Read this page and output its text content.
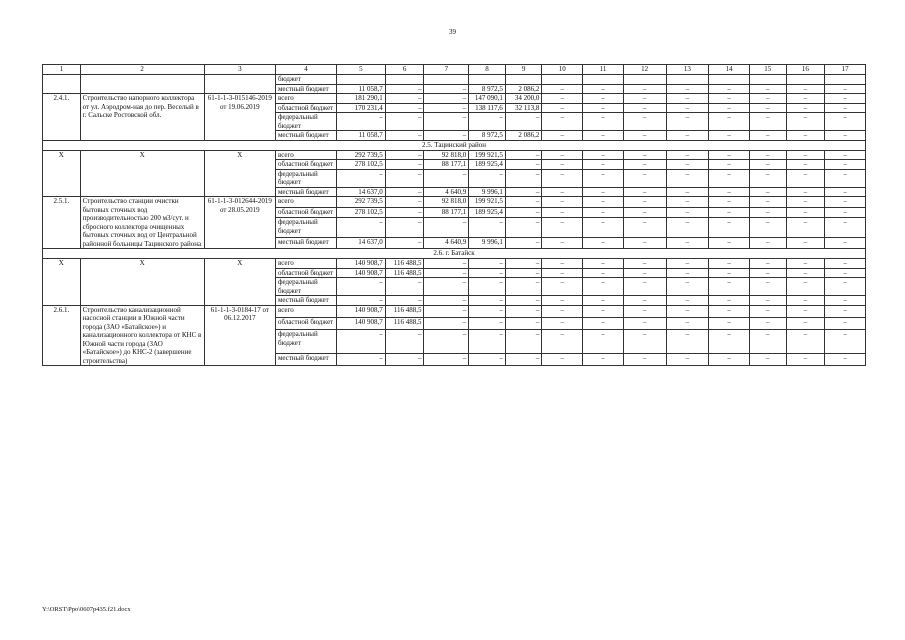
39
1	2	3	4	5	6	7	8	9	10	11	12	13	14	15	16	17
			бюджет													
			местный бюджет	11 058,7	–	–	8 972,5	2 086,2	–	–	–	–	–	–	–	–
2.4.1.	Строительство напорного коллектора от ул. Аэродром-ная до пер. Веселый в г. Сальске Ростовской обл.	61-1-1-3-015146-2019 от 19.06.2019	всего	181 290,1	–	–	147 090,1	34 200,0	–	–	–	–	–	–	–	–
			областной бюджет	170 231,4	–	–	138 117,6	32 113,8	–	–	–	–	–	–	–	–
			федеральный бюджет	–	–	–	–	–	–	–	–	–	–	–	–	–
			местный бюджет	11 058,7	–	–	8 972,5	2 086,2	–	–	–	–	–	–	–	–
2.5. Тацинский район																
Х	Х	Х	всего	292 739,5	–	92 818,0	199 921,5	–	–	–	–	–	–	–	–	–
			областной бюджет	278 102,5	–	88 177,1	189 925,4	–	–	–	–	–	–	–	–	–
			федеральный бюджет	–	–	–	–	–	–	–	–	–	–	–	–	–
			местный бюджет	14 637,0	–	4 640,9	9 996,1	–	–	–	–	–	–	–	–	–
2.5.1.	Строительство станции очистки бытовых сточных вод производительностью 200 м3/сут. и сбросного коллектора очищенных бытовых сточных вод от Центральной районной больницы Тацинского района	61-1-1-3-012644-2019 от 28.05.2019	всего	292 739,5	–	92 818,0	199 921,5	–	–	–	–	–	–	–	–	–
			областной бюджет	278 102,5	–	88 177,1	189 925,4	–	–	–	–	–	–	–	–	–
			федеральный бюджет	–	–	–	–	–	–	–	–	–	–	–	–	–
			местный бюджет	14 637,0	–	4 640,9	9 996,1	–	–	–	–	–	–	–	–	–
2.6. г. Батайск																
Х	Х	Х	всего	140 908,7	116 488,5	–	–	–	–	–	–	–	–	–	–	–
			областной бюджет	140 908,7	116 488,5	–	–	–	–	–	–	–	–	–	–	–
			федеральный бюджет	–	–	–	–	–	–	–	–	–	–	–	–	–
			местный бюджет	–	–	–	–	–	–	–	–	–	–	–	–	–
2.6.1.	Строительство канализационной насосной станции в Южной части города (ЗАО «Батайское») и канализационного коллектора от КНС в Южной части города (ЗАО «Батайское») до КНС-2 (завершение строительства)	61-1-1-3-0184-17 от 06.12.2017	всего	140 908,7	116 488,5	–	–	–	–	–	–	–	–	–	–	–
			областной бюджет	140 908,7	116 488,5	–	–	–	–	–	–	–	–	–	–	–
			федеральный бюджет	–	–	–	–	–	–	–	–	–	–	–	–	–
			местный бюджет	–	–	–	–	–	–	–	–	–	–	–	–	–
Y:\ORST\Ppo\0607p435.f21.docx
